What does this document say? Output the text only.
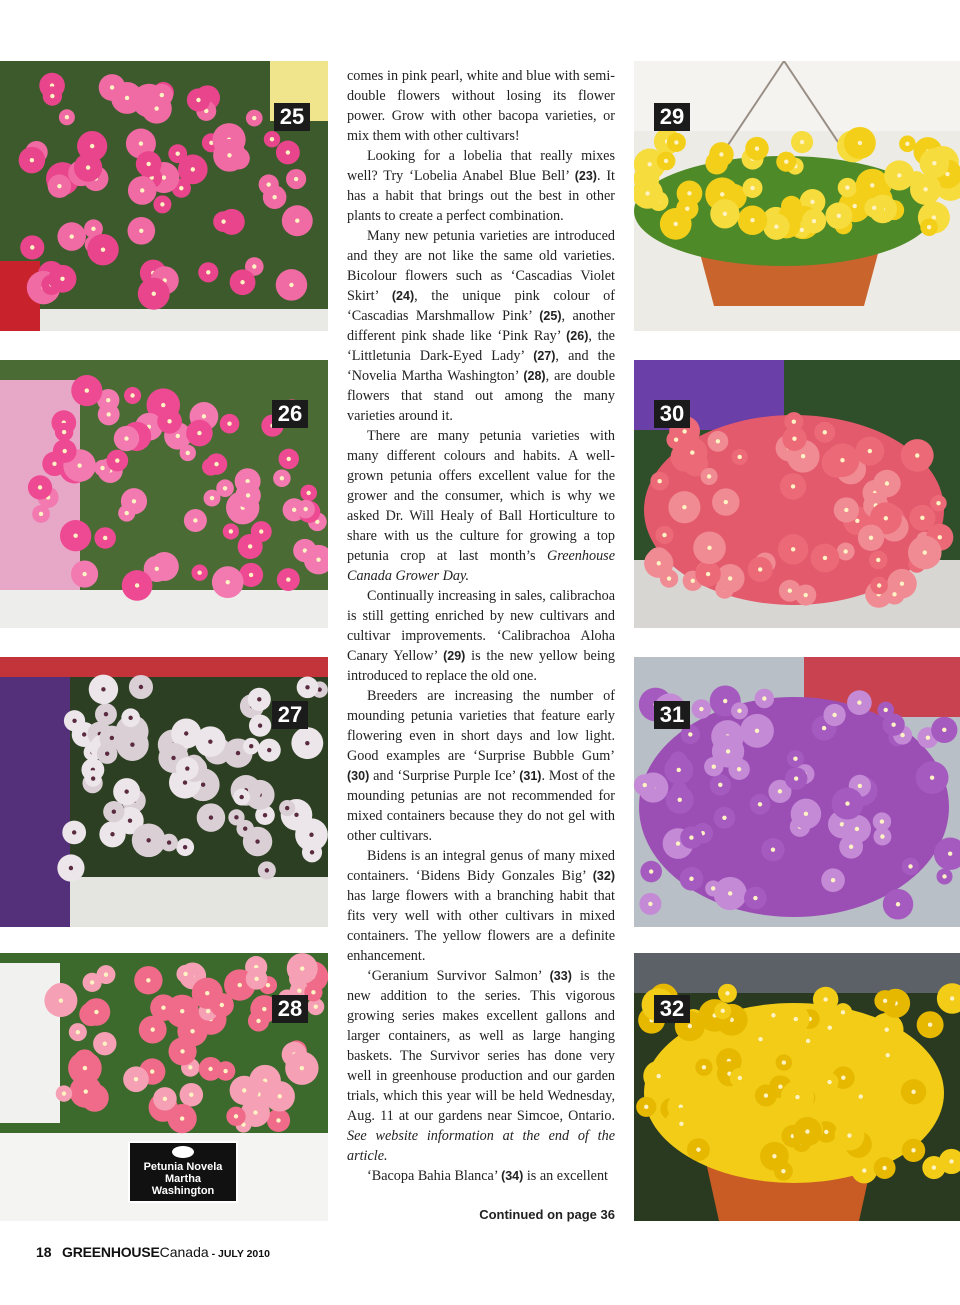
25
26
27
28
Petunia Novela
Martha
Washington
29
30
31
32

comes in pink pearl, white and blue with semi-double flowers without losing its flower power. Grow with other bacopa varieties, or mix them with other cultivars!

Looking for a lobelia that really mixes well? Try ‘Lobelia Anabel Blue Bell’ (23). It has a habit that brings out the best in other plants to create a perfect combination.

Many new petunia varieties are introduced and they are not like the same old varieties. Bicolour flowers such as ‘Cascadias Violet Skirt’ (24), the unique pink colour of ‘Cascadias Marshmallow Pink’ (25), another different pink shade like ‘Pink Ray’ (26), the ‘Littletunia Dark-Eyed Lady’ (27), and the ‘Novelia Martha Washington’ (28), are double flowers that stand out among the many varieties around it.

There are many petunia varieties with many different colours and habits. A well-grown petunia offers excellent value for the grower and the consumer, which is why we asked Dr. Will Healy of Ball Horticulture to share with us the culture for growing a top petunia crop at last month’s Greenhouse Canada Grower Day.

Continually increasing in sales, calibrachoa is still getting enriched by new cultivars and cultivar improvements. ‘Calibrachoa Aloha Canary Yellow’ (29) is the new yellow being introduced to replace the old one.

Breeders are increasing the number of mounding petunia varieties that feature early flowering even in short days and low light. Good examples are ‘Surprise Bubble Gum’ (30) and ‘Surprise Purple Ice’ (31). Most of the mounding petunias are not recommended for mixed containers because they do not gel with other cultivars.

Bidens is an integral genus of many mixed containers. ‘Bidens Bidy Gonzales Big’ (32) has large flowers with a branching habit that fits very well with other cultivars in mixed containers. The yellow flowers are a definite enhancement.

‘Geranium Survivor Salmon’ (33) is the new addition to the series. This vigorous growing series makes excellent gallons and larger containers, as well as large hanging baskets. The Survivor series has done very well in greenhouse production and our garden trials, which this year will be held Wednesday, Aug. 11 at our gardens near Simcoe, Ontario. See website information at the end of the article.

‘Bacopa Bahia Blanca’ (34) is an excellent

Continued on page 36
18 GREENHOUSECanada - JULY 2010
